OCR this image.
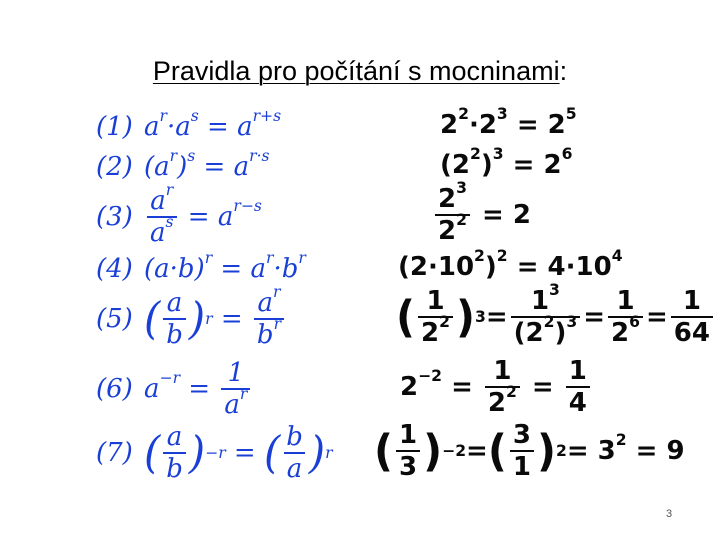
Pravidla pro počítání s mocninami:
(1) $a^r\cdot a^s = a^{r+s}$
(2) $(a^r)^s = a^{r\cdot s}$
$(3) \frac{a^r}{a^s} = a^{r-s}$
(4) $(a\cdot b)^r = a^r\cdot b^r$
(5) ( $\frac{a}{b}$ ) $r = \frac{a^r}{b^r}$
(6) $a^{-r} = \frac{1}{a^r}$
(7) ( $\frac{a}{b}$ ) −r = ( $\frac{b}{a}$ ) r
$2^2\cdot 2^3 = 2^5$
$(2^2)^3 = 2^6$
$\frac{2^3}{2^2} = 2$
$(2\cdot 10^2)^2 = 4\cdot 10^4$
( $\frac{1}{2^2}$ ) $3 = \frac{1^3}{(2^2)^3} = \frac{1}{2^6} = \frac{1}{64}$
$2^{-2} = \frac{1}{2^2} = \frac{1}{4}$
( $\frac{1}{3}$ ) −2 = ( $\frac{3}{1}$ ) $2 = 3^2 = 9$
3
